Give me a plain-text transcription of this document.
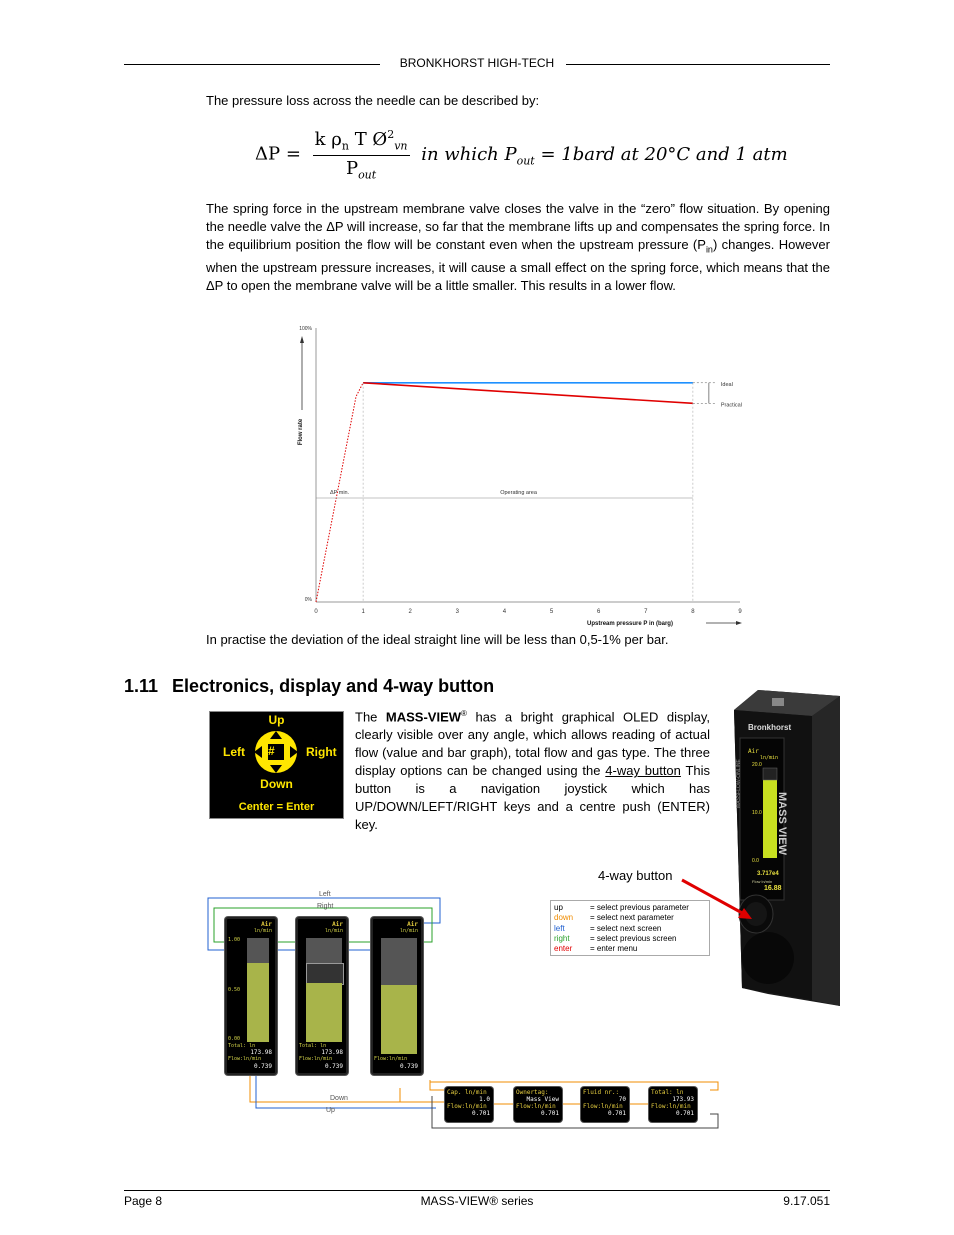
BRONKHORST HIGH-TECH
The pressure loss across the needle can be described by:
$\Delta P = \frac{k \rho_n T Ø^2_{vn}}{P_{out}}$ in which $P_{out}$ = 1bard at 20°C and 1 atm
The spring force in the upstream membrane valve closes the valve in the “zero” flow situation. By opening the needle valve the ΔP will increase, so far that the membrane lifts up and compensates the spring force. In the equilibrium position the flow will be constant even when the upstream pressure $(P_{in})$ changes. However when the upstream pressure increases, it will cause a small effect on the spring force, which means that the ΔP to open the membrane valve will be a little smaller. This results in a lower flow.
0	1	2	3	4	5	6	7	8	9
0%
100%
Upstream pressure P in (barg)
Flow rate
Ideal
Practical
ΔP min.	Operating area
In practise the deviation of the ideal straight line will be less than 0,5-1% per bar.
1.11 Electronics, display and 4-way button
Up
Left	Right
Down
#
Center = Enter
The MASS-VIEW® has a bright graphical OLED display, clearly visible over any angle, which allows reading of actual flow (value and bar graph), total flow and gas type. The three display options can be changed using the 4-way button This button is a navigation joystick which has UP/DOWN/LEFT/RIGHT keys and a centre push (ENTER) key.
Bronkhorst
MASS VIEW
Air
ln/min
20.0
10.0
0.0
3.717e4
Flow ln/min
16.88
MASSFLOW-ONLINE
4-way button
up	= select previous parameter
down = select next parameter
left	= select next screen
right	= select previous screen
enter = enter menu
Left
Right
Down
Up
Air
ln/min
1.00
0.50
0.00
Total: ln
173.98
Flow:ln/min
0.739
Air
ln/min
Total: ln
173.98
Flow:ln/min
0.739
Air
ln/min
Flow:ln/min
0.739
Cap. ln/min
1.0
Flow:ln/min
0.701
Ownertag:
Mass View
Flow:ln/min
0.701
Fluid nr.:
70
Flow:ln/min
0.701
Total: ln
173.93
Flow:ln/min
0.701
Page 8	MASS-VIEW® series	9.17.051
